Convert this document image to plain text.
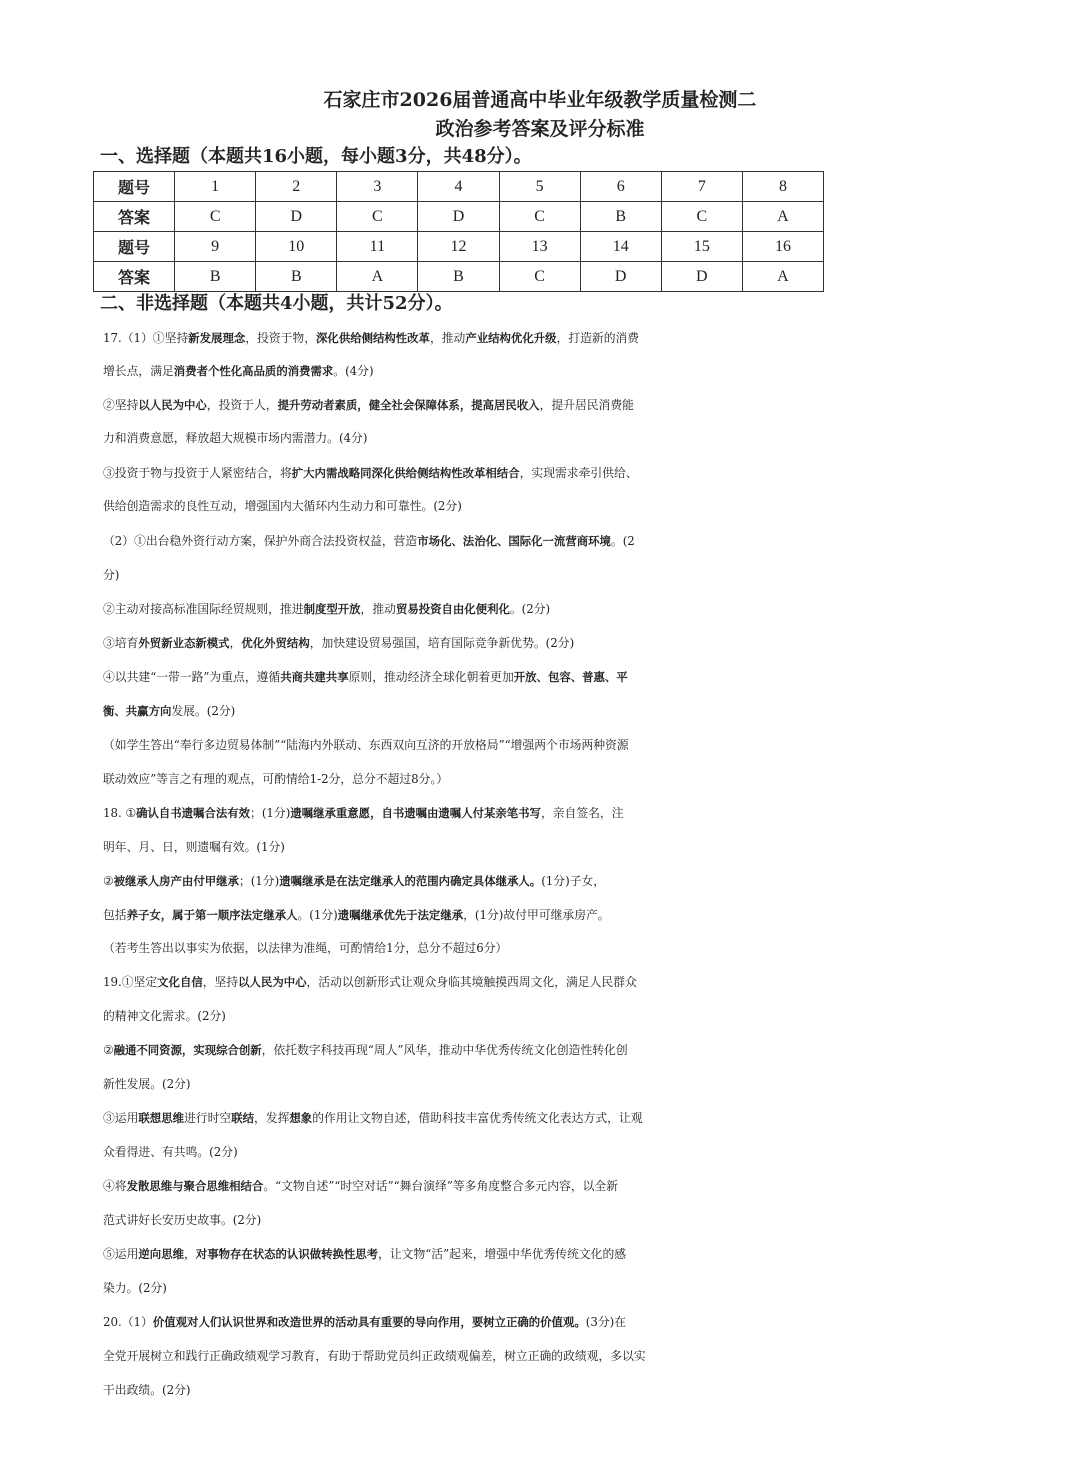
石家庄市2026届普通高中毕业年级教学质量检测二
政治参考答案及评分标准
一、选择题（本题共16小题，每小题3分，共48分）。
题号	1	2	3	4	5	6	7	8
答案	C	D	C	D	C	B	C	A
题号	9	10	11	12	13	14	15	16
答案	B	B	A	B	C	D	D	A
二、非选择题（本题共4小题，共计52分）。
17.（1）①坚持新发展理念，投资于物，深化供给侧结构性改革，推动产业结构优化升级，打造新的消费
增长点，满足消费者个性化高品质的消费需求。(4分)
②坚持以人民为中心，投资于人，提升劳动者素质，健全社会保障体系，提高居民收入，提升居民消费能
力和消费意愿，释放超大规模市场内需潜力。(4分)
③投资于物与投资于人紧密结合，将扩大内需战略同深化供给侧结构性改革相结合，实现需求牵引供给、
供给创造需求的良性互动，增强国内大循环内生动力和可靠性。(2分)
（2）①出台稳外资行动方案，保护外商合法投资权益，营造市场化、法治化、国际化一流营商环境。(2
分)
②主动对接高标准国际经贸规则，推进制度型开放，推动贸易投资自由化便利化。(2分)
③培育外贸新业态新模式，优化外贸结构，加快建设贸易强国，培育国际竞争新优势。(2分)
④以共建“一带一路”为重点，遵循共商共建共享原则，推动经济全球化朝着更加开放、包容、普惠、平
衡、共赢方向发展。(2分)
（如学生答出“奉行多边贸易体制”“陆海内外联动、东西双向互济的开放格局”“增强两个市场两种资源
联动效应”等言之有理的观点，可酌情给1-2分，总分不超过8分。）
18. ①确认自书遗嘱合法有效；(1分)遗嘱继承重意愿，自书遗嘱由遗嘱人付某亲笔书写，亲自签名，注
明年、月、日，则遗嘱有效。(1分)
②被继承人房产由付甲继承；(1分)遗嘱继承是在法定继承人的范围内确定具体继承人。(1分)子女，
包括养子女，属于第一顺序法定继承人。(1分)遗嘱继承优先于法定继承，(1分)故付甲可继承房产。
（若考生答出以事实为依据，以法律为准绳，可酌情给1分，总分不超过6分）
19.①坚定文化自信，坚持以人民为中心，活动以创新形式让观众身临其境触摸西周文化，满足人民群众
的精神文化需求。(2分)
②融通不同资源，实现综合创新，依托数字科技再现“周人”风华，推动中华优秀传统文化创造性转化创
新性发展。(2分)
③运用联想思维进行时空联结，发挥想象的作用让文物自述，借助科技丰富优秀传统文化表达方式，让观
众看得进、有共鸣。(2分)
④将发散思维与聚合思维相结合。“文物自述”“时空对话”“舞台演绎”等多角度整合多元内容，以全新
范式讲好长安历史故事。(2分)
⑤运用逆向思维，对事物存在状态的认识做转换性思考，让文物“活”起来，增强中华优秀传统文化的感
染力。(2分)
20.（1）价值观对人们认识世界和改造世界的活动具有重要的导向作用，要树立正确的价值观。(3分)在
全党开展树立和践行正确政绩观学习教育，有助于帮助党员纠正政绩观偏差，树立正确的政绩观，多以实
干出政绩。(2分)
